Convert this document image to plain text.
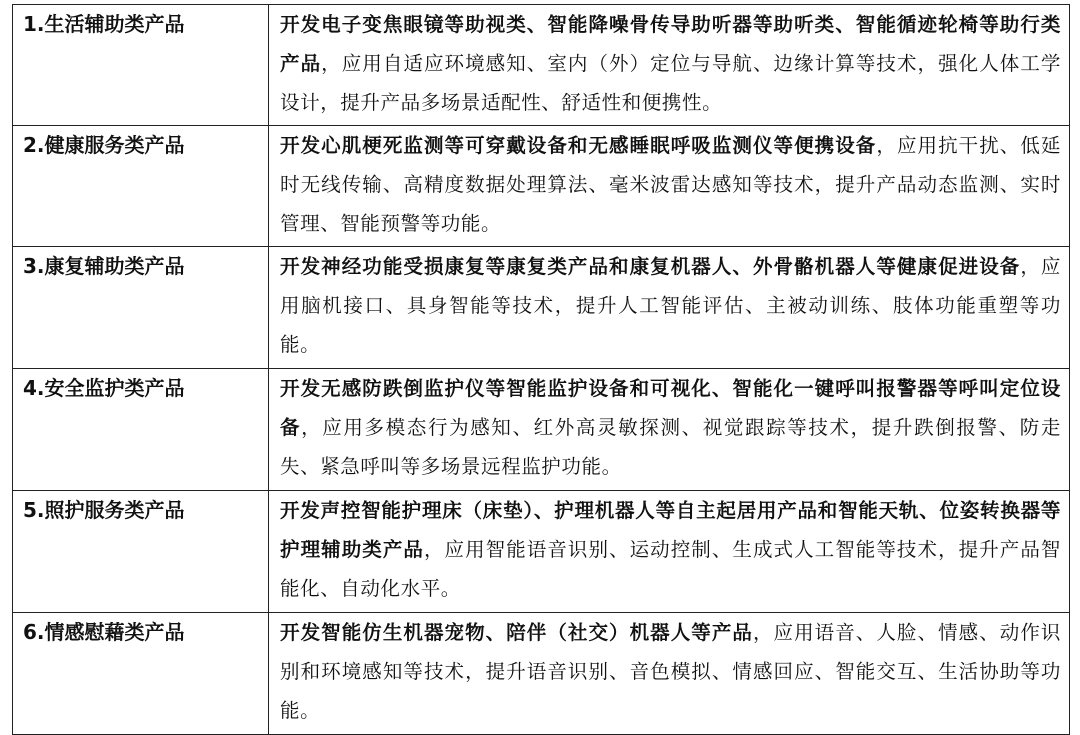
1.生活辅助类产品	开发电子变焦眼镜等助视类、智能降噪骨传导助听器等助听类、智能循迹轮椅等助行类产品，应用自适应环境感知、室内（外）定位与导航、边缘计算等技术，强化人体工学设计，提升产品多场景适配性、舒适性和便携性。
2.健康服务类产品	开发心肌梗死监测等可穿戴设备和无感睡眠呼吸监测仪等便携设备，应用抗干扰、低延时无线传输、高精度数据处理算法、毫米波雷达感知等技术，提升产品动态监测、实时管理、智能预警等功能。
3.康复辅助类产品	开发神经功能受损康复等康复类产品和康复机器人、外骨骼机器人等健康促进设备，应用脑机接口、具身智能等技术，提升人工智能评估、主被动训练、肢体功能重塑等功能。
4.安全监护类产品	开发无感防跌倒监护仪等智能监护设备和可视化、智能化一键呼叫报警器等呼叫定位设备，应用多模态行为感知、红外高灵敏探测、视觉跟踪等技术，提升跌倒报警、防走失、紧急呼叫等多场景远程监护功能。
5.照护服务类产品	开发声控智能护理床（床垫）、护理机器人等自主起居用产品和智能天轨、位姿转换器等护理辅助类产品，应用智能语音识别、运动控制、生成式人工智能等技术，提升产品智能化、自动化水平。
6.情感慰藉类产品	开发智能仿生机器宠物、陪伴（社交）机器人等产品，应用语音、人脸、情感、动作识别和环境感知等技术，提升语音识别、音色模拟、情感回应、智能交互、生活协助等功能。
